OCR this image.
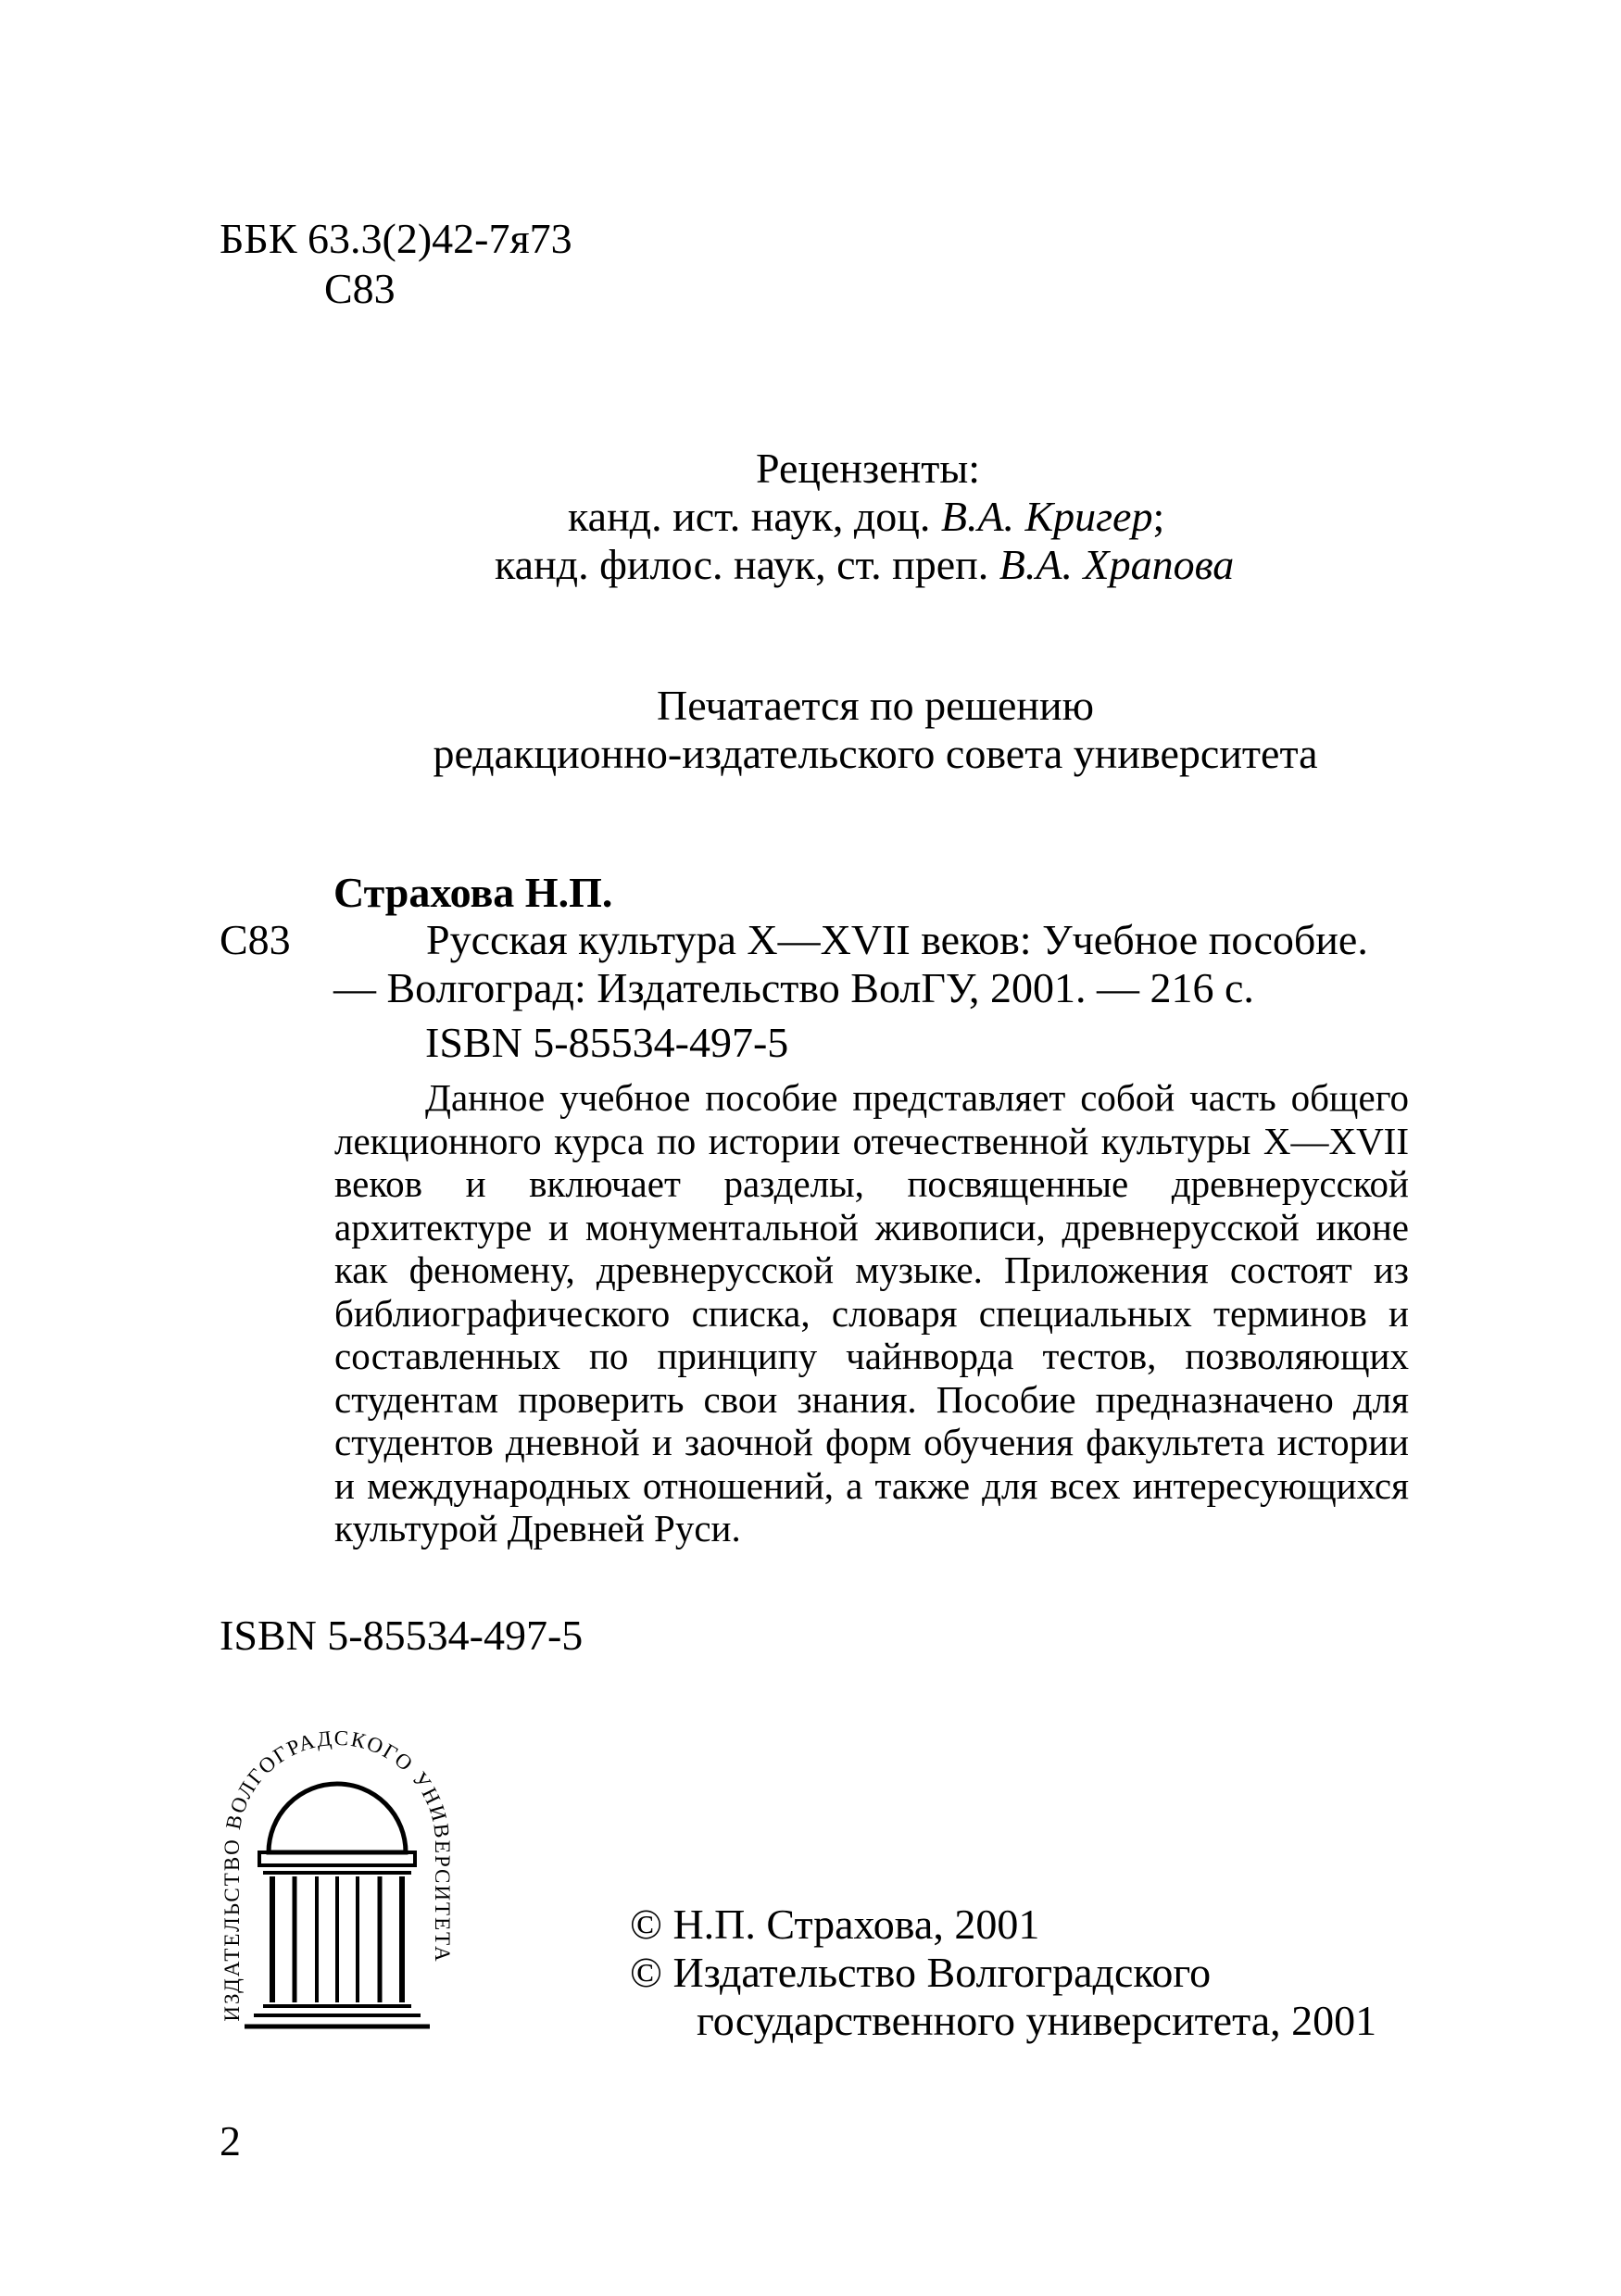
ББК 63.3(2)42-7я73
С83
Рецензенты:
канд. ист. наук, доц. В.А. Кригер;
канд. филос. наук, ст. преп. В.А. Храпова
Печатается по решению
редакционно-издательского совета университета
Страхова Н.П.
С83	Русская культура X—XVII веков: Учебное пособие.
— Волгоград: Издательство ВолГУ, 2001. — 216 с.
ISBN 5-85534-497-5
Данное учебное пособие представляет собой часть общего лекционного курса по истории отечественной культуры X—XVII веков и включает разделы, посвященные древнерусской архитектуре и монументальной живописи, древнерусской иконе как феномену, древнерусской музыке. Приложения состоят из библиографического списка, словаря специальных терминов и составленных по принципу чайнворда тестов, позволяющих студентам проверить свои знания. Пособие предназначено для студентов дневной и заочной форм обучения факультета истории и международных отношений, а также для всех интересующихся культурой Древней Руси.
ISBN 5-85534-497-5
ИЗДАТЕЛЬСТВО ВОЛГОГРАДСКОГО УНИВЕРСИТЕТА
© Н.П. Страхова, 2001
© Издательство Волгоградского
государственного университета, 2001
2
